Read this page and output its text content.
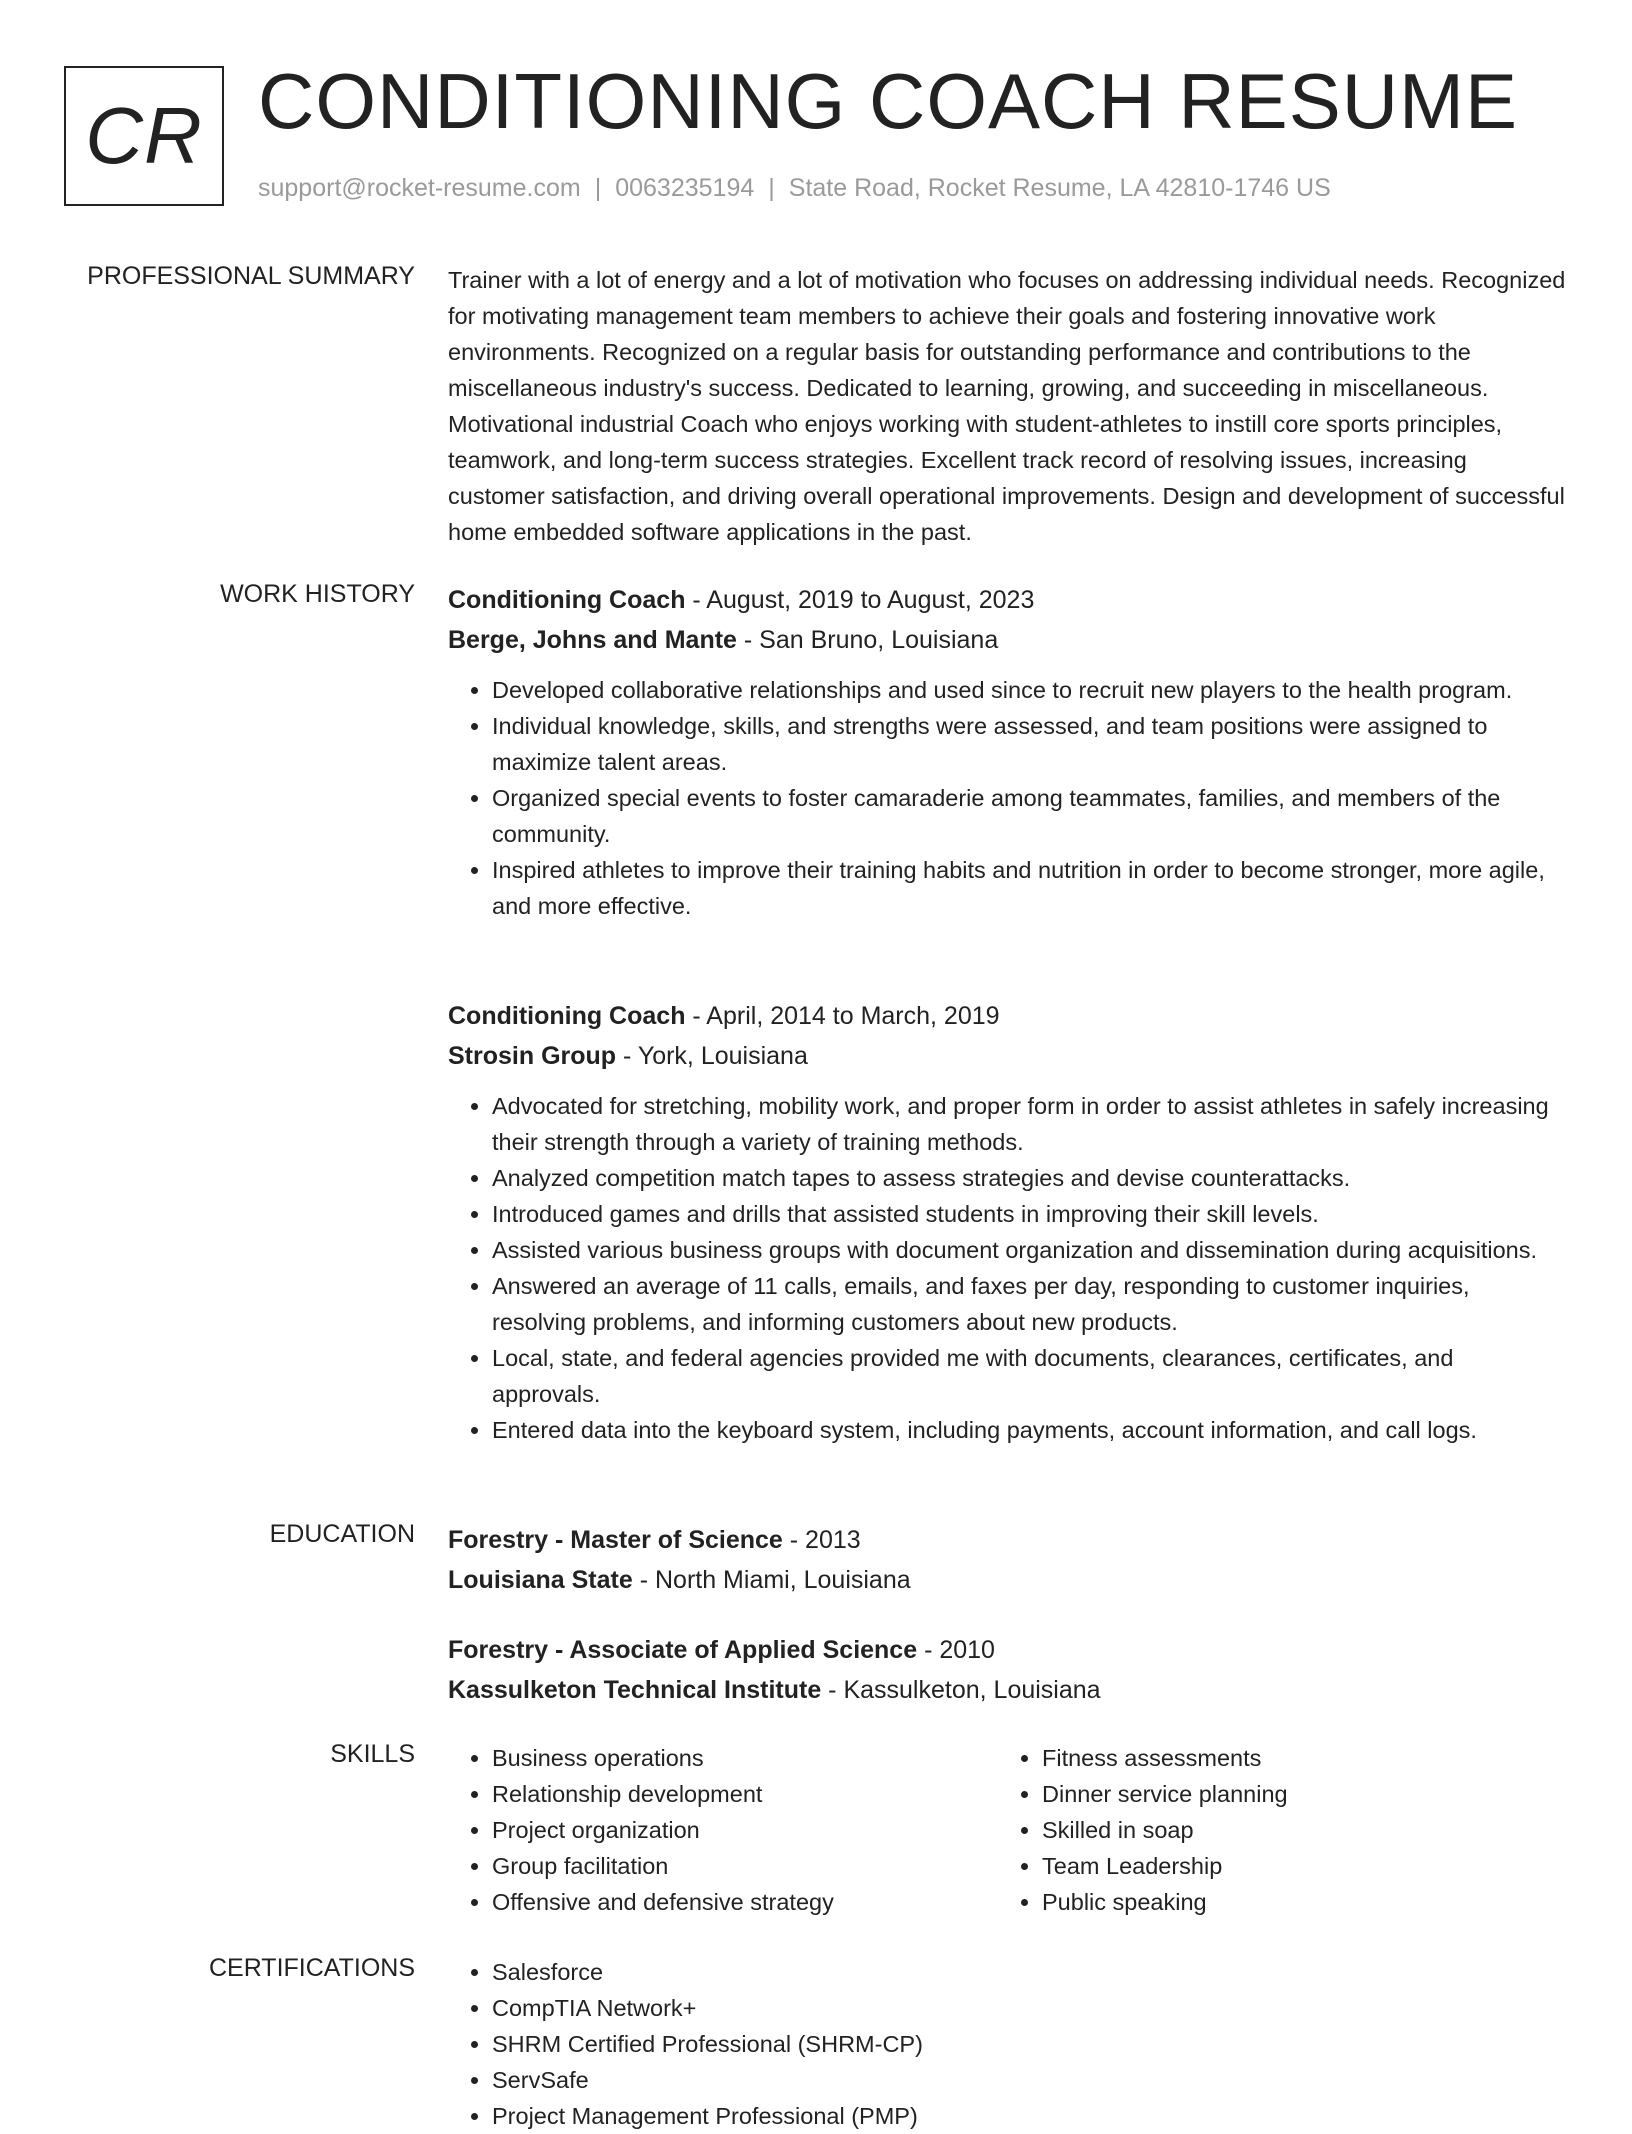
CR CONDITIONING COACH RESUME
support@rocket-resume.com | 0063235194 | State Road, Rocket Resume, LA 42810-1746 US
PROFESSIONAL SUMMARY Trainer with a lot of energy and a lot of motivation who focuses on addressing individual needs. Recognized for motivating management team members to achieve their goals and fostering innovative work environments. Recognized on a regular basis for outstanding performance and contributions to the miscellaneous industry's success. Dedicated to learning, growing, and succeeding in miscellaneous. Motivational industrial Coach who enjoys working with student-athletes to instill core sports principles, teamwork, and long-term success strategies. Excellent track record of resolving issues, increasing customer satisfaction, and driving overall operational improvements. Design and development of successful home embedded software applications in the past.
WORK HISTORY Conditioning Coach - August, 2019 to August, 2023
Berge, Johns and Mante - San Bruno, Louisiana
• Developed collaborative relationships and used since to recruit new players to the health program.
• Individual knowledge, skills, and strengths were assessed, and team positions were assigned to maximize talent areas.
• Organized special events to foster camaraderie among teammates, families, and members of the community.
• Inspired athletes to improve their training habits and nutrition in order to become stronger, more agile, and more effective.
Conditioning Coach - April, 2014 to March, 2019
Strosin Group - York, Louisiana
• Advocated for stretching, mobility work, and proper form in order to assist athletes in safely increasing their strength through a variety of training methods.
• Analyzed competition match tapes to assess strategies and devise counterattacks.
• Introduced games and drills that assisted students in improving their skill levels.
• Assisted various business groups with document organization and dissemination during acquisitions.
• Answered an average of 11 calls, emails, and faxes per day, responding to customer inquiries, resolving problems, and informing customers about new products.
• Local, state, and federal agencies provided me with documents, clearances, certificates, and approvals.
• Entered data into the keyboard system, including payments, account information, and call logs.
EDUCATION Forestry - Master of Science - 2013
Louisiana State - North Miami, Louisiana
Forestry - Associate of Applied Science - 2010
Kassulketon Technical Institute - Kassulketon, Louisiana
SKILLS	• Business operations
• Relationship development
• Project organization
• Group facilitation
• Offensive and defensive strategy
• Fitness assessments
• Dinner service planning
• Skilled in soap
• Team Leadership
• Public speaking
CERTIFICATIONS	• Salesforce
• CompTIA Network+
• SHRM Certified Professional (SHRM-CP)
• ServSafe
• Project Management Professional (PMP)
